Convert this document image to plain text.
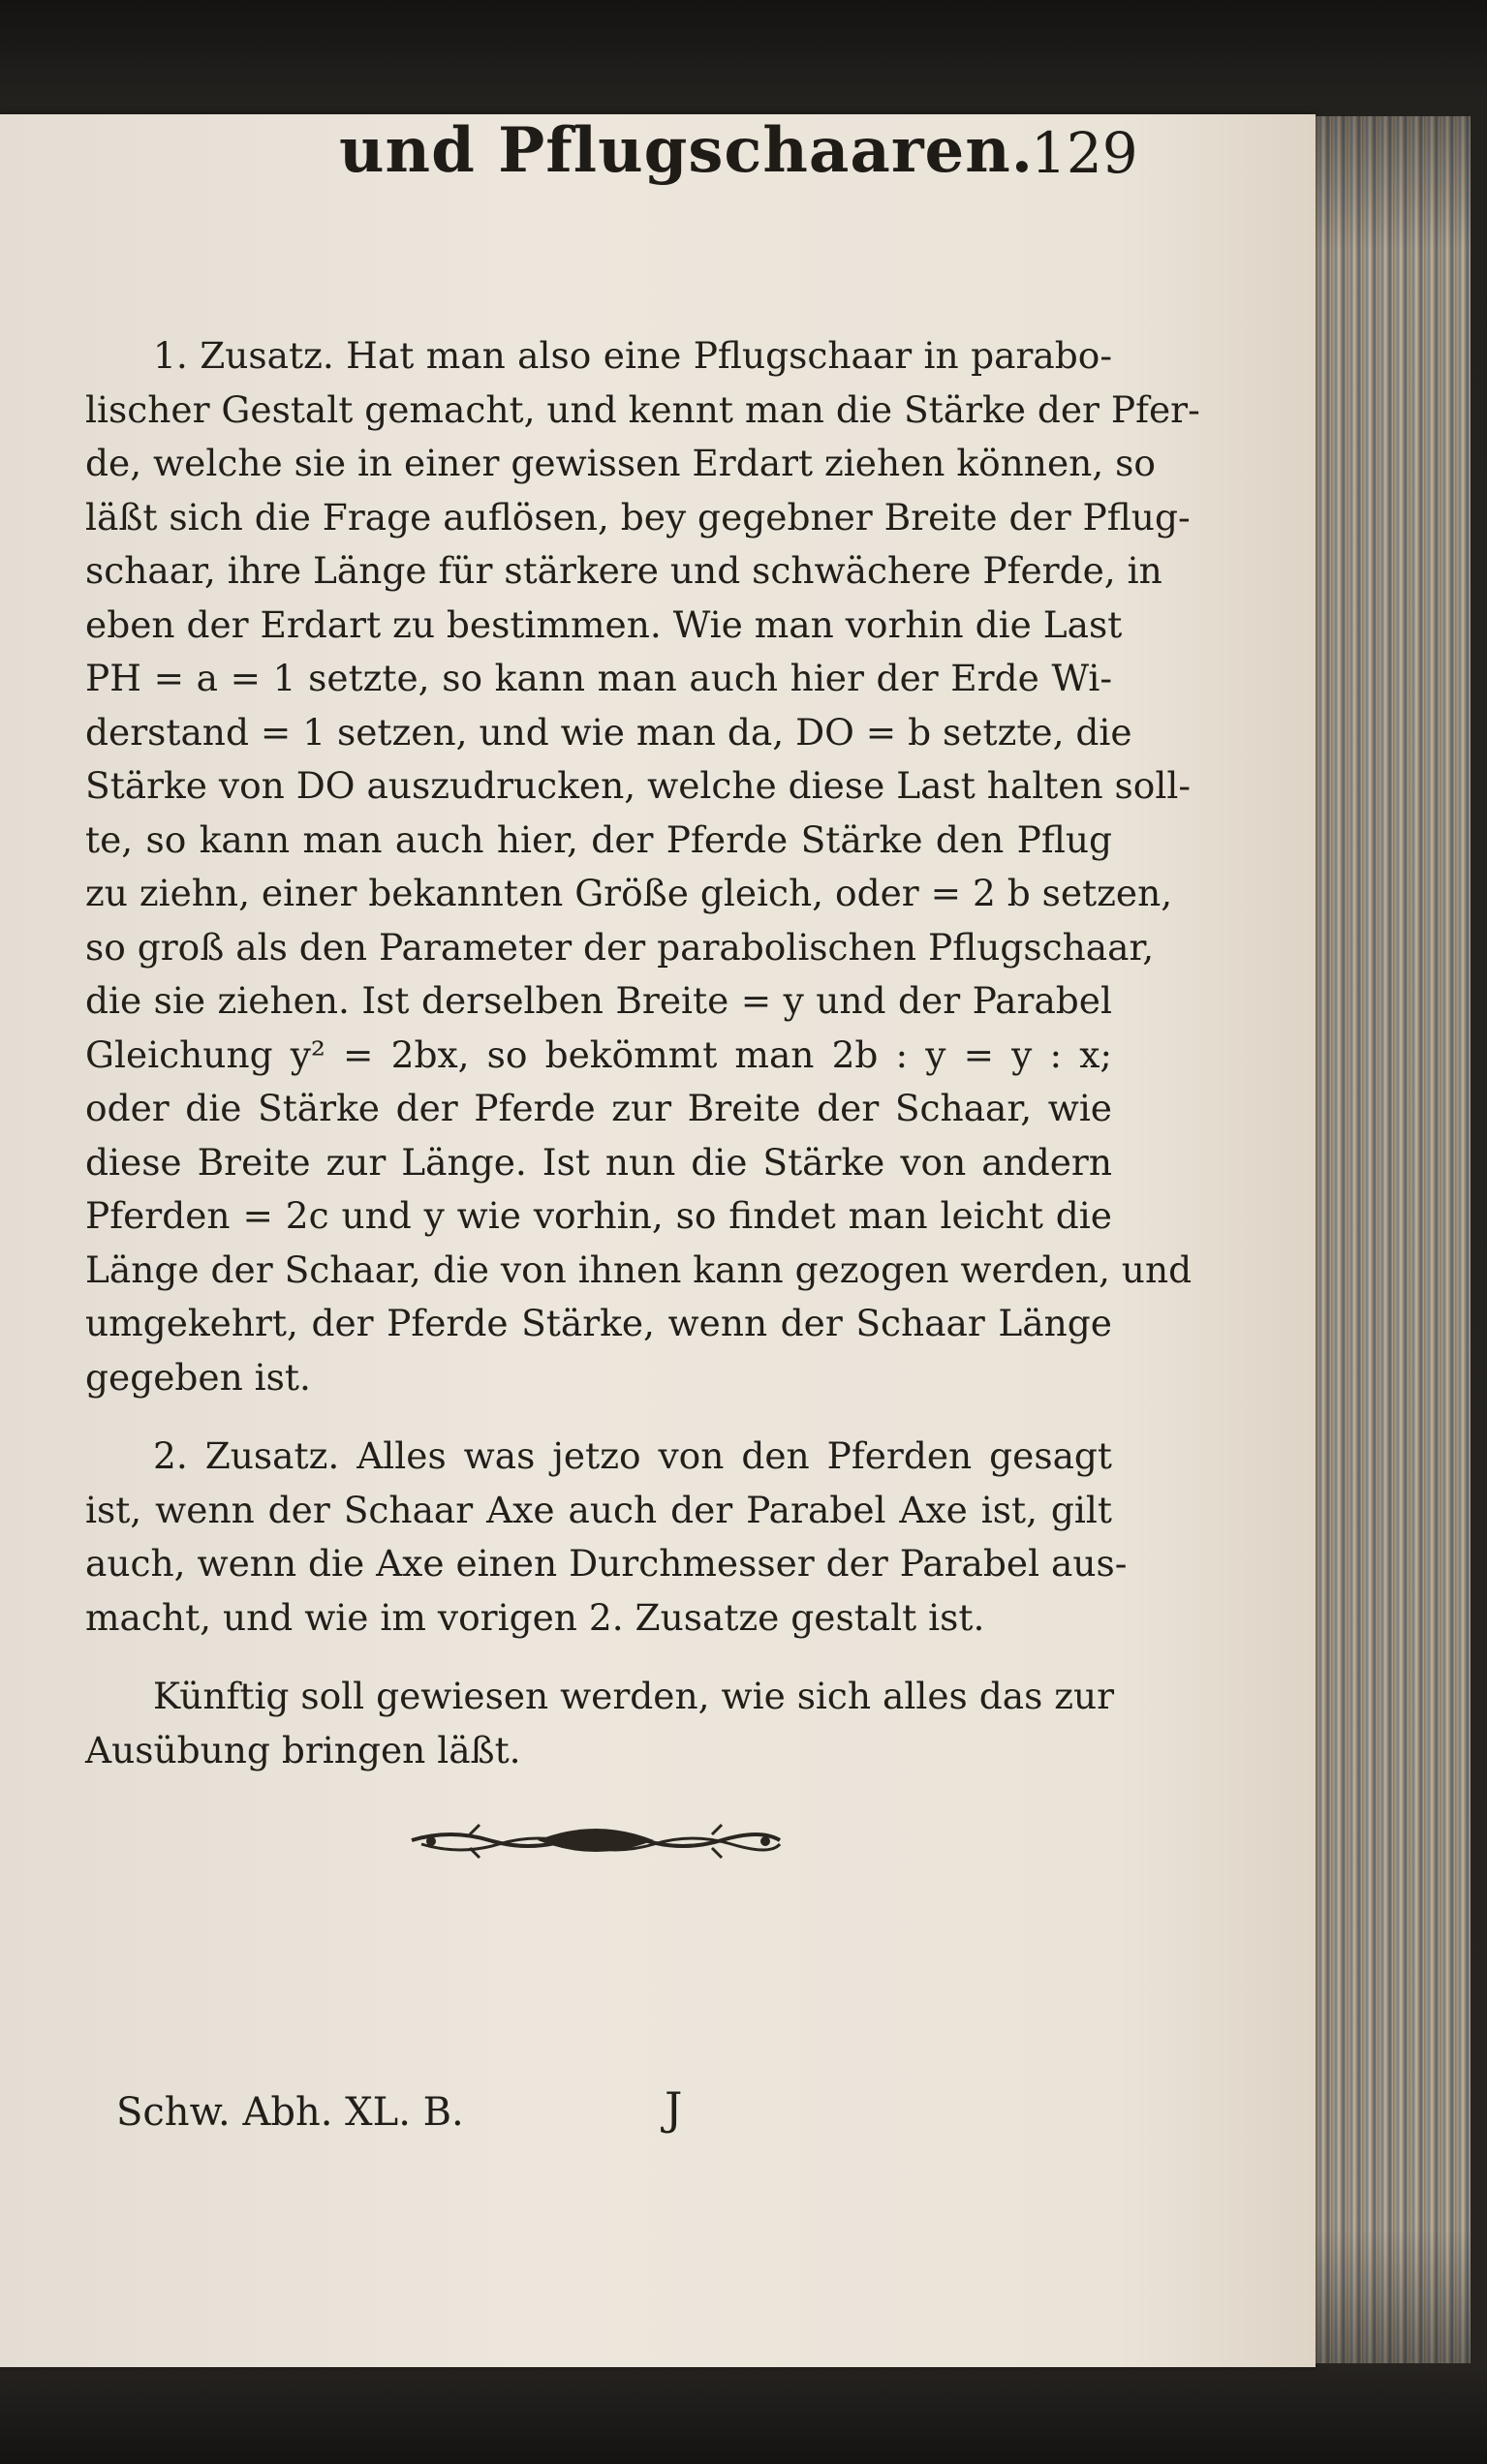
und Pflugschaaren.
129

1. Zusatz. Hat man also eine Pflugschaar in parabo-
lischer Gestalt gemacht, und kennt man die Stärke der Pfer-
de, welche sie in einer gewissen Erdart ziehen können, so
läßt sich die Frage auflösen, bey gegebner Breite der Pflug-
schaar, ihre Länge für stärkere und schwächere Pferde, in
eben der Erdart zu bestimmen. Wie man vorhin die Last
PH = a = 1 setzte, so kann man auch hier der Erde Wi-
derstand = 1 setzen, und wie man da, DO = b setzte, die
Stärke von DO auszudrucken, welche diese Last halten soll-
te, so kann man auch hier, der Pferde Stärke den Pflug
zu ziehn, einer bekannten Größe gleich, oder = 2 b setzen,
so groß als den Parameter der parabolischen Pflugschaar,
die sie ziehen. Ist derselben Breite = y und der Parabel
Gleichung y² = 2bx, so bekömmt man 2b : y = y : x;
oder die Stärke der Pferde zur Breite der Schaar, wie
diese Breite zur Länge. Ist nun die Stärke von andern
Pferden = 2c und y wie vorhin, so findet man leicht die
Länge der Schaar, die von ihnen kann gezogen werden, und
umgekehrt, der Pferde Stärke, wenn der Schaar Länge
gegeben ist.

2. Zusatz. Alles was jetzo von den Pferden gesagt
ist, wenn der Schaar Axe auch der Parabel Axe ist, gilt
auch, wenn die Axe einen Durchmesser der Parabel aus-
macht, und wie im vorigen 2. Zusatze gestalt ist.

Künftig soll gewiesen werden, wie sich alles das zur
Ausübung bringen läßt.

Schw. Abh. XL. B.	J
